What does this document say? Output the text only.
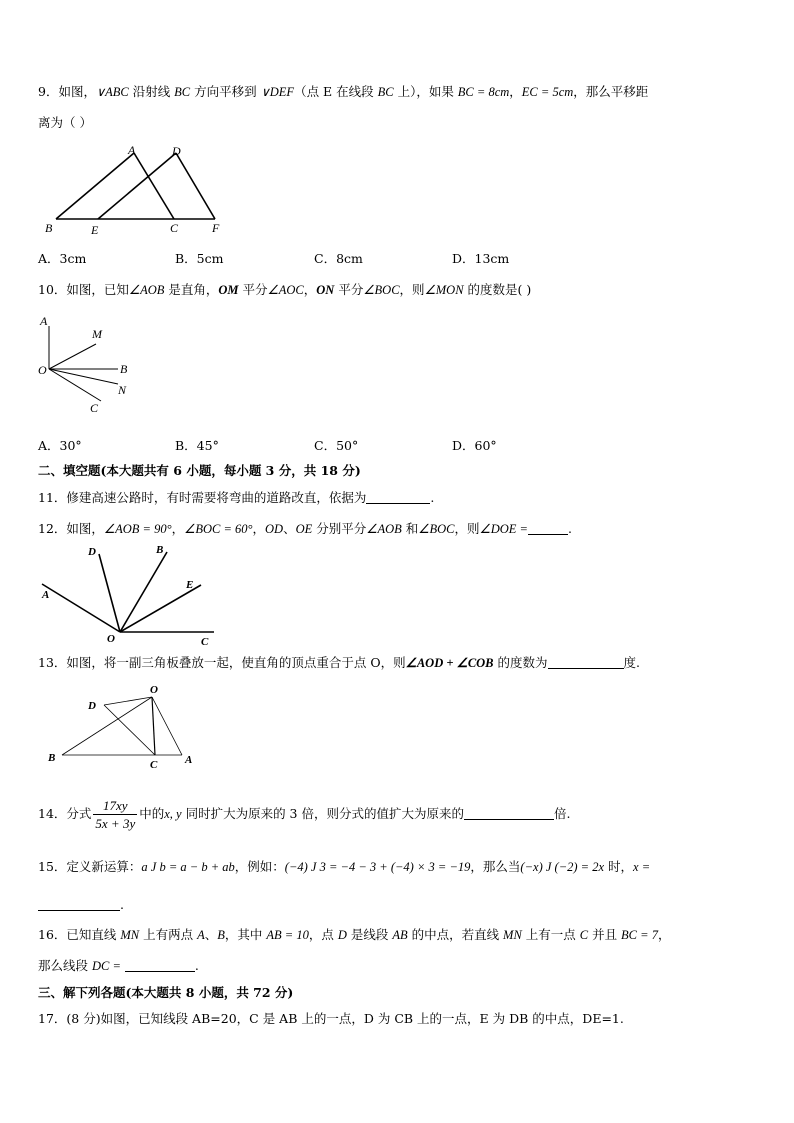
9．如图，∨ABC 沿射线 BC 方向平移到 ∨DEF（点 E 在线段 BC 上），如果 BC = 8cm，EC = 5cm，那么平移距
离为（ ）
A	D
B	E	C	F
A．3cm	B．5cm	C．8cm	D．13cm
10．如图，已知∠AOB 是直角，OM 平分∠AOC，ON 平分∠BOC，则∠MON 的度数是( )
A
M
O	B
N
C
A．30°	B．45°	C．50°	D．60°
二、填空题(本大题共有 6 小题，每小题 3 分，共 18 分)
11．修建高速公路时，有时需要将弯曲的道路改直，依据为	.
12．如图，∠AOB = 90°，∠BOC = 60°，OD、OE 分别平分∠AOB 和∠BOC，则∠DOE =	.
D	B
E
A
O	C
13．如图，将一副三角板叠放一起，使直角的顶点重合于点 O，则∠AOD + ∠COB 的度数为	度.
O
D
B
C	A
14．分式 $\frac{17xy}{5x + 3y}$ 中的x, y 同时扩大为原来的 3 倍，则分式的值扩大为原来的	倍.
15．定义新运算：a J b = a − b + ab，例如：(−4) J 3 = −4 − 3 + (−4) × 3 = −19，那么当(−x) J (−2) = 2x 时，x =
.
16．已知直线 MN 上有两点 A、B，其中 AB = 10，点 D 是线段 AB 的中点，若直线 MN 上有一点 C 并且 BC = 7，
那么线段 DC =	.
三、解下列各题(本大题共 8 小题，共 72 分)
17．(8 分)如图，已知线段 AB=20，C 是 AB 上的一点，D 为 CB 上的一点，E 为 DB 的中点，DE=1.
